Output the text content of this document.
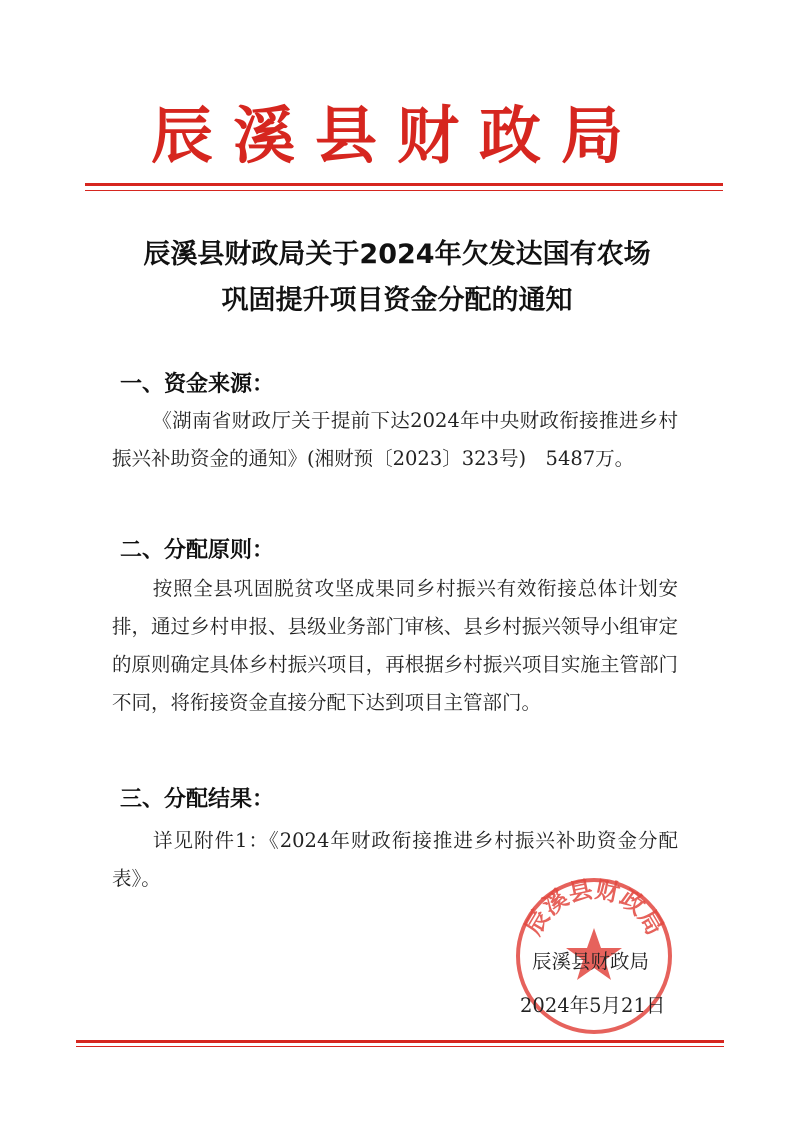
辰溪县财政局
辰溪县财政局关于2024年欠发达国有农场
巩固提升项目资金分配的通知
一、资金来源：
《湖南省财政厅关于提前下达2024年中央财政衔接推进乡村振兴补助资金的通知》(湘财预〔2023〕323号)　5487万。
二、分配原则：
按照全县巩固脱贫攻坚成果同乡村振兴有效衔接总体计划安排，通过乡村申报、县级业务部门审核、县乡村振兴领导小组审定的原则确定具体乡村振兴项目，再根据乡村振兴项目实施主管部门不同，将衔接资金直接分配下达到项目主管部门。
三、分配结果：
详见附件1：《2024年财政衔接推进乡村振兴补助资金分配表》。
辰溪县财政局
辰溪县财政局
2024年5月21日
